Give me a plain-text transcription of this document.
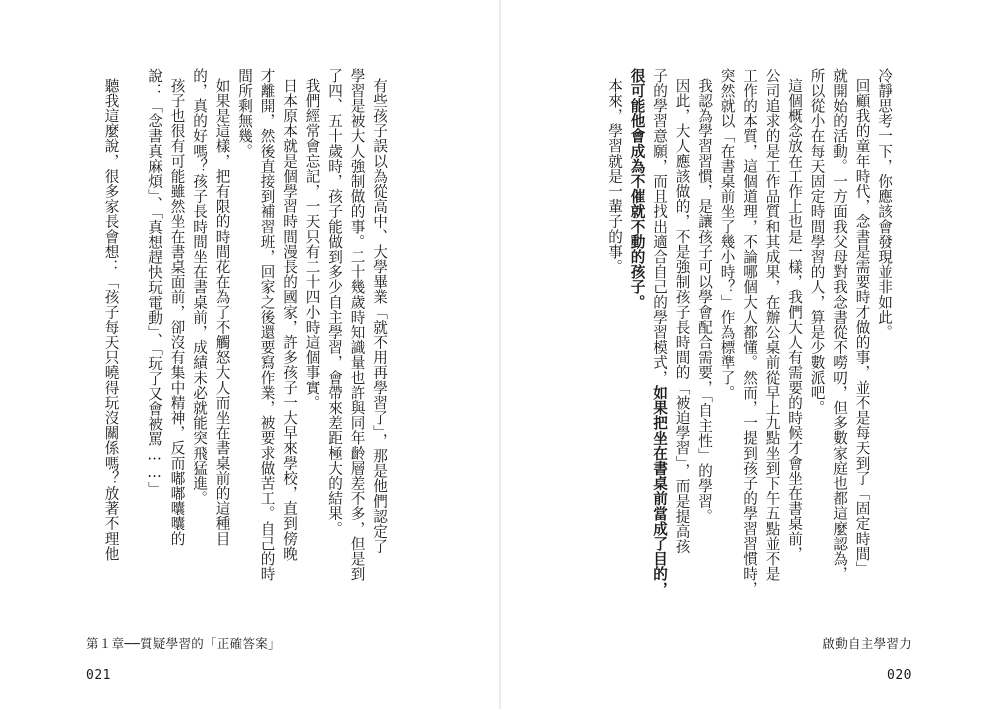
有些孩子誤以為從高中、大學畢業「就不用再學習了」，那是他們認定了
學習是被大人強制做的事。二十幾歲時知識量也許與同年齡層差不多，但是到
了四、五十歲時，孩子能做到多少自主學習，會帶來差距極大的結果。
我們經常會忘記，一天只有二十四小時這個事實。
日本原本就是個學習時間漫長的國家，許多孩子一大早來學校，直到傍晚
才離開，然後直接到補習班，回家之後還要寫作業，被要求做苦工。自己的時
間所剩無幾。
如果是這樣，把有限的時間花在為了不觸怒大人而坐在書桌前的這種目
的，真的好嗎？孩子長時間坐在書桌前，成績未必就能突飛猛進。
孩子也很有可能雖然坐在書桌面前，卻沒有集中精神，反而嘟嘟囔囔的
說：「念書真麻煩」、「真想趕快玩電動」、「玩了又會被罵……」
聽我這麼說，很多家長會想：「孩子每天只曉得玩沒關係嗎？放著不理他
第１章──質疑學習的「正確答案」
021
冷靜思考一下，你應該會發現並非如此。
回顧我的童年時代，念書是需要時才做的事，並不是每天到了「固定時間」
就開始的活動。一方面我父母對我念書從不嘮叨，但多數家庭也都這麼認為，
所以從小在每天固定時間學習的人，算是少數派吧。
這個概念放在工作上也是一樣，我們大人有需要的時候才會坐在書桌前，
公司追求的是工作品質和其成果，在辦公桌前從早上九點坐到下午五點並不是
工作的本質，這個道理，不論哪個大人都懂。然而，一提到孩子的學習習慣時，
突然就以「在書桌前坐了幾小時？」作為標準了。
我認為學習習慣，是讓孩子可以學會配合需要，「自主性」的學習。
因此，大人應該做的，不是強制孩子長時間的「被迫學習」，而是提高孩
子的學習意願，而且找出適合自己的學習模式，如果把坐在書桌前當成了目的，
很可能他會成為不催就不動的孩子。
本來，學習就是一輩子的事。
啟動自主學習力
020
